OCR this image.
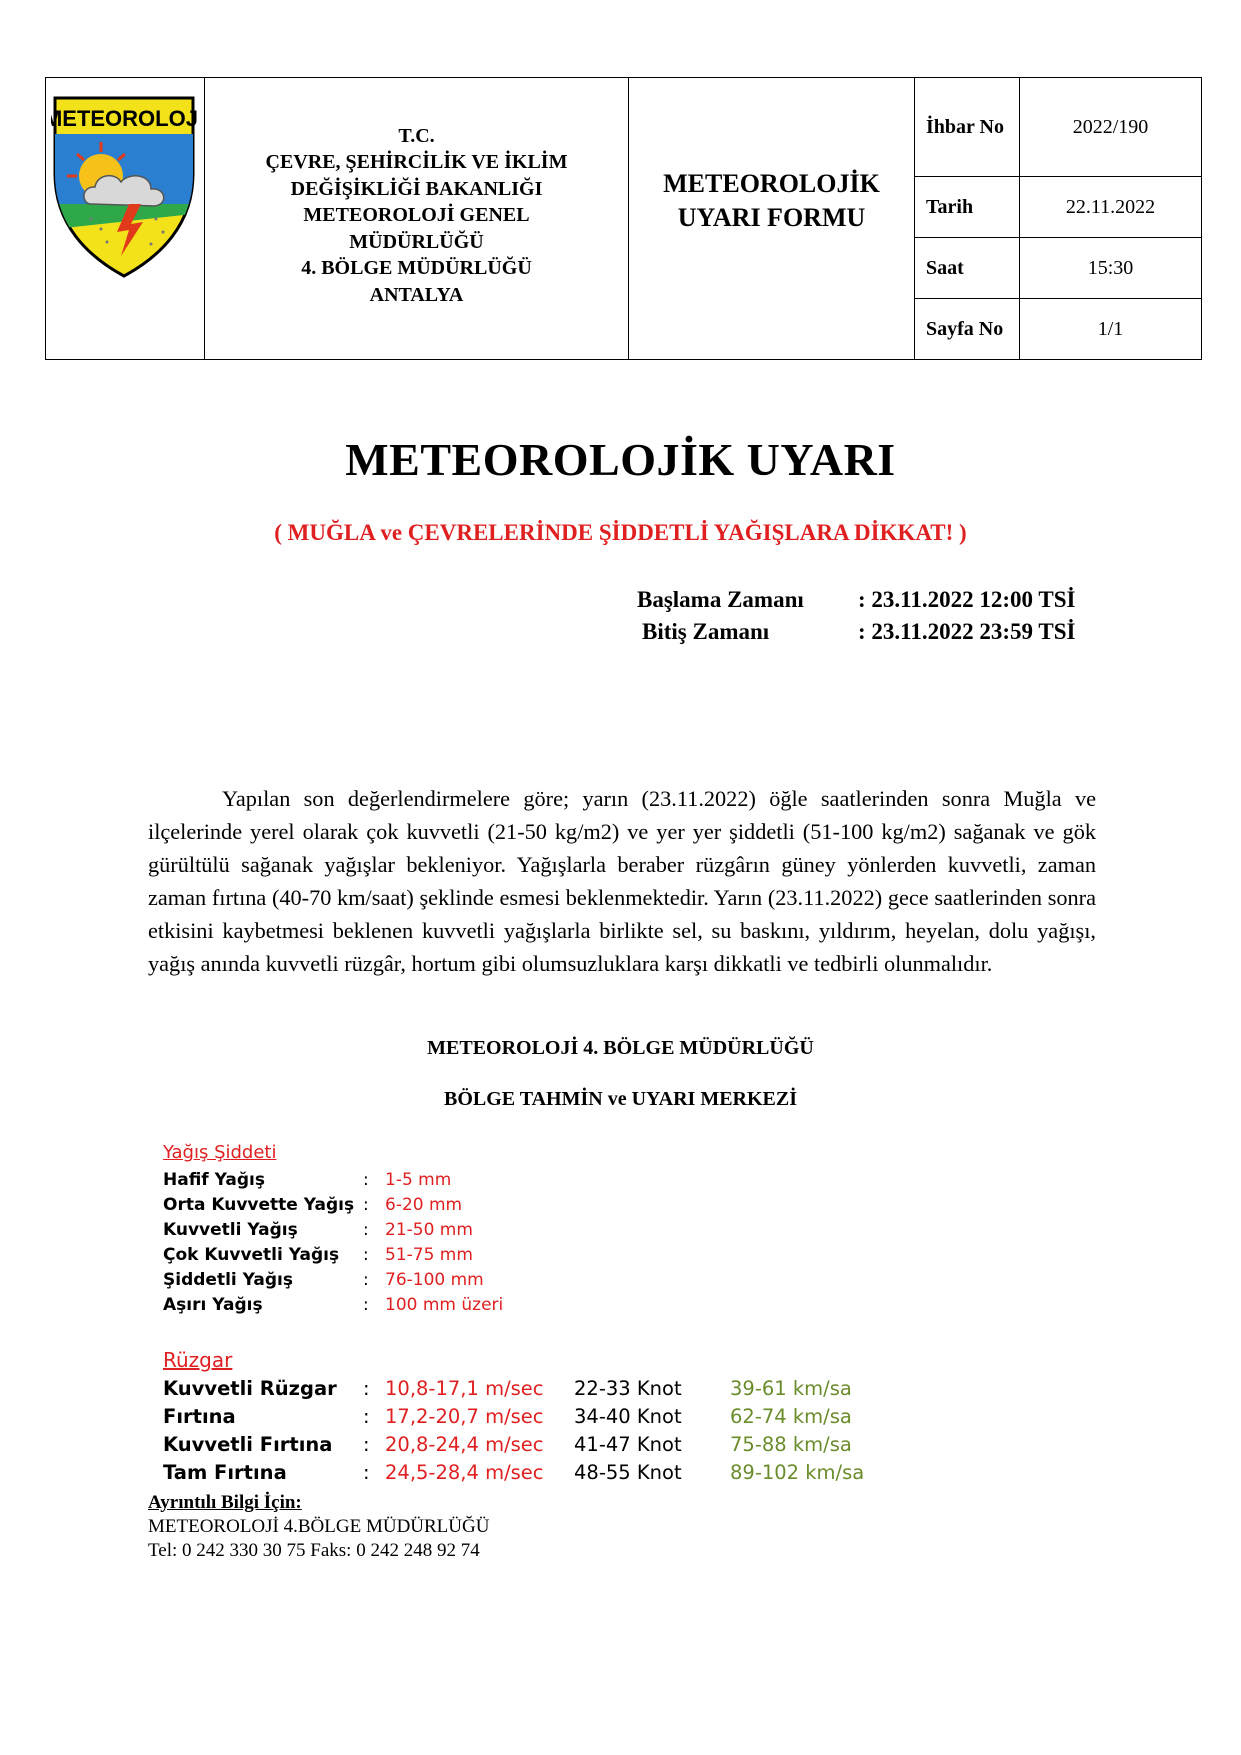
METEOROLOJİ
T.C.
ÇEVRE, ŞEHİRCİLİK VE İKLİM
DEĞİŞİKLİĞİ BAKANLIĞI
METEOROLOJİ GENEL
MÜDÜRLÜĞÜ
4. BÖLGE MÜDÜRLÜĞÜ
ANTALYA
METEOROLOJİK
UYARI FORMU
İhbar No	2022/190
Tarih	22.11.2022
Saat	15:30
Sayfa No	1/1
METEOROLOJİK UYARI
( MUĞLA ve ÇEVRELERİNDE ŞİDDETLİ YAĞIŞLARA DİKKAT! )
Başlama Zamanı : 23.11.2022 12:00 TSİ
Bitiş Zamanı	: 23.11.2022 23:59 TSİ

Yapılan son değerlendirmelere göre; yarın (23.11.2022) öğle saatlerinden sonra Muğla ve ilçelerinde yerel olarak çok kuvvetli (21-50 kg/m2) ve yer yer şiddetli (51-100 kg/m2) sağanak ve gök gürültülü sağanak yağışlar bekleniyor. Yağışlarla beraber rüzgârın güney yönlerden kuvvetli, zaman zaman fırtına (40-70 km/saat) şeklinde esmesi beklenmektedir. Yarın (23.11.2022) gece saatlerinden sonra etkisini kaybetmesi beklenen kuvvetli yağışlarla birlikte sel, su baskını, yıldırım, heyelan, dolu yağışı, yağış anında kuvvetli rüzgâr, hortum gibi olumsuzluklara karşı dikkatli ve tedbirli olunmalıdır.

METEOROLOJİ 4. BÖLGE MÜDÜRLÜĞÜ
BÖLGE TAHMİN ve UYARI MERKEZİ
Yağış Şiddeti
Hafif Yağış	: 1-5 mm
Orta Kuvvette Yağış : 6-20 mm
Kuvvetli Yağış	: 21-50 mm
Çok Kuvvetli Yağış : 51-75 mm
Şiddetli Yağış	: 76-100 mm
Aşırı Yağış	: 100 mm üzeri
Rüzgar
Kuvvetli Rüzgar : 10,8-17,1 m/sec 22-33 Knot 39-61 km/sa
Fırtına	: 17,2-20,7 m/sec 34-40 Knot 62-74 km/sa
Kuvvetli Fırtına : 20,8-24,4 m/sec 41-47 Knot 75-88 km/sa
Tam Fırtına	: 24,5-28,4 m/sec 48-55 Knot 89-102 km/sa
Ayrıntılı Bilgi İçin:
METEOROLOJİ 4.BÖLGE MÜDÜRLÜĞÜ
Tel: 0 242 330 30 75 Faks: 0 242 248 92 74
